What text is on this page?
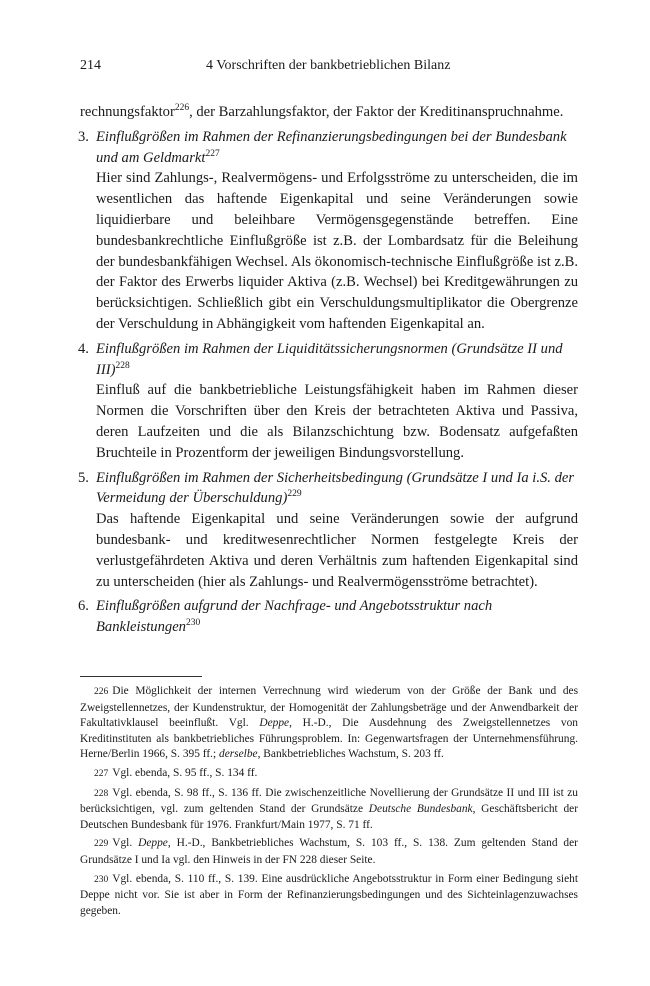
214	4 Vorschriften der bankbetrieblichen Bilanz

rechnungsfaktor$^{226}$, der Barzahlungsfaktor, der Faktor der Kreditinanspruchnahme.

3. Einflußgrößen im Rahmen der Refinanzierungsbedingungen bei der Bundesbank und am Geldmarkt$^{227}$

Hier sind Zahlungs-, Realvermögens- und Erfolgsströme zu unterscheiden, die im wesentlichen das haftende Eigenkapital und seine Veränderungen sowie liquidierbare und beleihbare Vermögensgegenstände betreffen. Eine bundesbankrechtliche Einflußgröße ist z.B. der Lombardsatz für die Beleihung der bundesbankfähigen Wechsel. Als ökonomisch-technische Einflußgröße ist z.B. der Faktor des Erwerbs liquider Aktiva (z.B. Wechsel) bei Kreditgewährungen zu berücksichtigen. Schließlich gibt ein Verschuldungsmultiplikator die Obergrenze der Verschuldung in Abhängigkeit vom haftenden Eigenkapital an.

4. Einflußgrößen im Rahmen der Liquiditätssicherungsnormen (Grundsätze II und III)$^{228}$

Einfluß auf die bankbetriebliche Leistungsfähigkeit haben im Rahmen dieser Normen die Vorschriften über den Kreis der betrachteten Aktiva und Passiva, deren Laufzeiten und die als Bilanzschichtung bzw. Bodensatz aufgefaßten Bruchteile in Prozentform der jeweiligen Bindungsvorstellung.

5. Einflußgrößen im Rahmen der Sicherheitsbedingung (Grundsätze I und Ia i.S. der Vermeidung der Überschuldung)$^{229}$

Das haftende Eigenkapital und seine Veränderungen sowie der aufgrund bundesbank- und kreditwesenrechtlicher Normen festgelegte Kreis der verlustgefährdeten Aktiva und deren Verhältnis zum haftenden Eigenkapital sind zu unterscheiden (hier als Zahlungs- und Realvermögensströme betrachtet).

6. Einflußgrößen aufgrund der Nachfrage- und Angebotsstruktur nach Bankleistungen$^{230}$

226 Die Möglichkeit der internen Verrechnung wird wiederum von der Größe der Bank und des Zweigstellennetzes, der Kundenstruktur, der Homogenität der Zahlungsbeträge und der Anwendbarkeit der Fakultativklausel beeinflußt. Vgl. Deppe, H.-D., Die Ausdehnung des Zweigstellennetzes von Kreditinstituten als bankbetriebliches Führungsproblem. In: Gegenwartsfragen der Unternehmensführung. Herne/Berlin 1966, S. 395 ff.; derselbe, Bankbetriebliches Wachstum, S. 203 ff.

227 Vgl. ebenda, S. 95 ff., S. 134 ff.

228 Vgl. ebenda, S. 98 ff., S. 136 ff. Die zwischenzeitliche Novellierung der Grundsätze II und III ist zu berücksichtigen, vgl. zum geltenden Stand der Grundsätze Deutsche Bundesbank, Geschäftsbericht der Deutschen Bundesbank für 1976. Frankfurt/Main 1977, S. 71 ff.

229 Vgl. Deppe, H.-D., Bankbetriebliches Wachstum, S. 103 ff., S. 138. Zum geltenden Stand der Grundsätze I und Ia vgl. den Hinweis in der FN 228 dieser Seite.

230 Vgl. ebenda, S. 110 ff., S. 139. Eine ausdrückliche Angebotsstruktur in Form einer Bedingung sieht Deppe nicht vor. Sie ist aber in Form der Refinanzierungsbedingungen und des Sichteinlagenzuwachses gegeben.
